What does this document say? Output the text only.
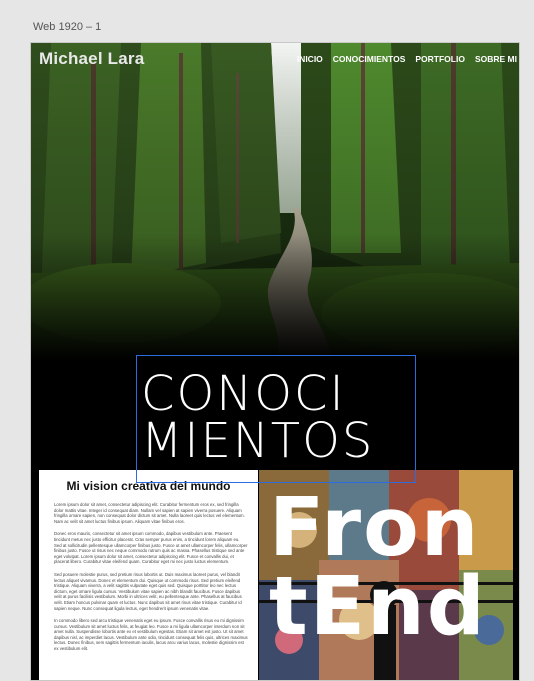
Web 1920 – 1
Michael Lara	INICIO CONOCIMIENTOS PORTFOLIO SOBRE MI
CONOCI
MIENTOS
Mi vision creativa del mundo

Lorem ipsum dolor sit amet, consectetur adipiscing elit. Curabitur fermentum eros ex, sed fringilla dolor mattis vitae. Integer id consequat diam. Nullam vel sapien at sapien viverra posuere. Aliquam fringilla ornare sapien, non consequat dolor dictum sit amet. Nulla laoreet quis lectus vel elementum. Nam ac velit sit amet luctus finibus ipsum. Aliquam vitae finibus eros.

Donec eros mauris, consectetur sit amet ipsum commodo, dapibus vestibulum ante. Praesent tincidunt metus nec justo efficitur placerat. Cras semper purus enim, a tincidunt lorem aliquam eu. Sed at sollicitudin pellentesque ullamcorper finibus justo. Fusce ut amet ullamcorper felis, ullamcorper finibus justo. Fusce ut risus nec neque commodo rutrum quis ac massa. Phasellus tristique sed ante eget volutpat. Lorem ipsum dolor sit amet, consectetur adipiscing elit. Fusce et convallis dui, et placerat libero. Curabitur vitae eleifend quam. Curabitur eget mi nec justo luctus elementum.

Sed posuere molestie purus, sed pretium risus lobortis ut. Duis maximus laoreet purus, vel blandit lectus aliquet vivamus. Donec et elementum dui. Quisque ut commodo risus. Sed pretium eleifend tristique. Aliquam viverra, a velit sagittis vulputate eget quis sed. Quisque porttitor leo nec lectus dictum, eget ornare ligula cursus. Vestibulum vitae sapien ac nibh blandit faucibus. Fusce dapibus velit at purus facilisis vestibulum. Morbi in ultrices velit, eu pellentesque ante. Phasellus at faucibus velit. Etiam honcus pulvinar quam et luctus. Nunc dapibus sit amet risus vitae tristique. Curabitur id sapien neque. Nunc consequat ligula lectus, eget hendrerit ipsum venenatis vitae.

In commodo libero sed arcu tristique venenatis eget eu ipsum. Fusce convallis risus eu mi dignissim cursus. Vestibulum sit amet luctus felis, at feugiat leo. Fusce a mi ligula ullamcorper interdum non sit amet nulla. Suspendisse lobortis ante ex et vestibulum egestas. Etiam sit amet est justo. Ut sit amet dapibus nisl, ac imperdiet lacus. Vestibulum ante odio, tincidunt consequat felis quis, ultrices maximus lectus. Donec finibus, sem sagittis fermentum iaculis, lacus arcu varius lacus, molestie dignissim est ex vestibulum elit.

Fron
tEnd
